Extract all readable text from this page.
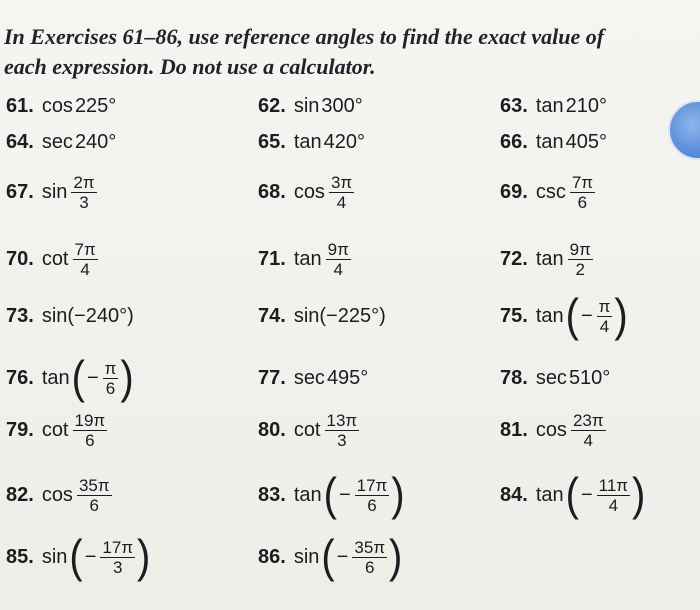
In Exercises 61–86, use reference angles to find the exact value of
each expression. Do not use a calculator.
61. cos 225°	62. sin 300°	63. tan 210°
64. sec 240°	65. tan 420°	66. tan 405°
67. $\sin \frac{2\pi}{3}$	68. $\cos \frac{3\pi}{4}$	69. $\csc \frac{7\pi}{6}$
70. $\cot \frac{7\pi}{4}$	71. $\tan \frac{9\pi}{4}$	72. $\tan \frac{9\pi}{2}$
73. sin(−240°)	74. sin(−225°)	75. tan ( − $\frac{\pi}{4}$ )
76. tan ( − $\frac{\pi}{6}$ )	77. sec 495°	78. sec 510°
79. $\cot \frac{19\pi}{6}$	80. $\cot \frac{13\pi}{3}$	81. $\cos \frac{23\pi}{4}$
82. $\cos \frac{35\pi}{6}$	83. tan ( − $\frac{17\pi}{6}$ )	84. tan ( − $\frac{11\pi}{4}$ )
85. sin ( − $\frac{17\pi}{3}$ )	86. sin ( − $\frac{35\pi}{6}$ )
